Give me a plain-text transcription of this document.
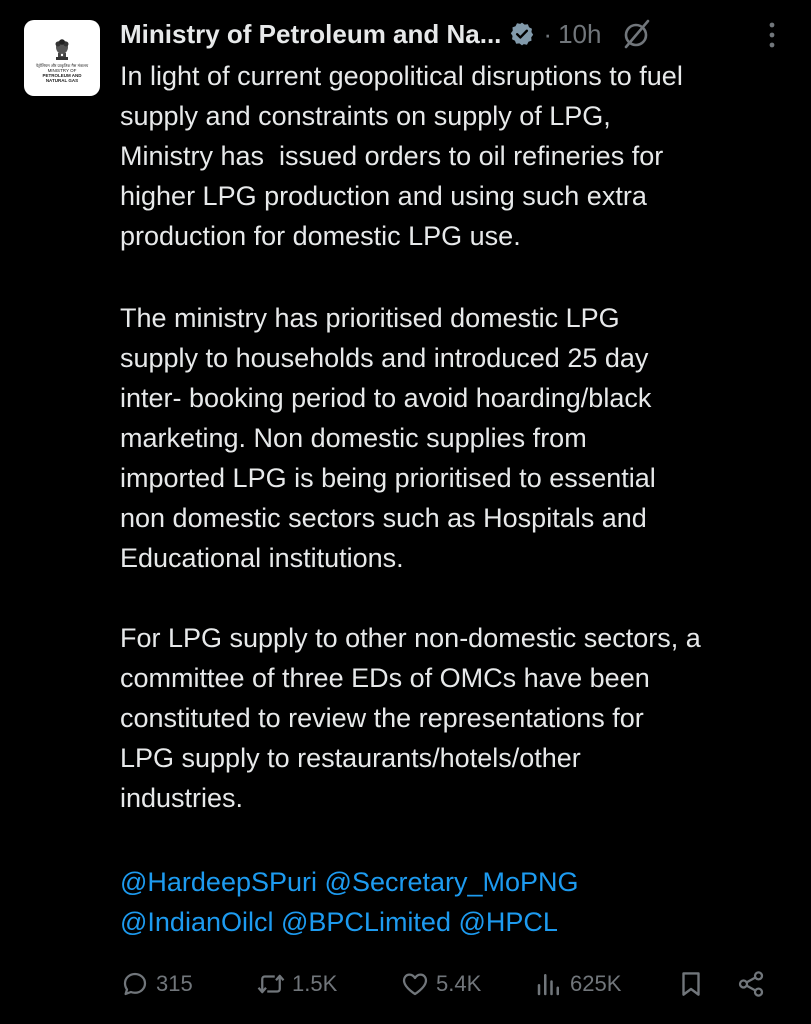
पेट्रोलियम और प्राकृतिक गैस मंत्रालय
MINISTRY OF
PETROLEUM AND
NATURAL GAS
Ministry of Petroleum and Na... · 10h

In light of current geopolitical disruptions to fuel
supply and constraints on supply of LPG,
Ministry has  issued orders to oil refineries for
higher LPG production and using such extra
production for domestic LPG use.

The ministry has prioritised domestic LPG
supply to households and introduced 25 day
inter- booking period to avoid hoarding/black
marketing. Non domestic supplies from
imported LPG is being prioritised to essential
non domestic sectors such as Hospitals and
Educational institutions.

For LPG supply to other non-domestic sectors, a
committee of three EDs of OMCs have been
constituted to review the representations for
LPG supply to restaurants/hotels/other
industries.

@HardeepSPuri @Secretary_MoPNG
@IndianOilcl @BPCLimited @HPCL

315	1.5K	5.4K	625K
